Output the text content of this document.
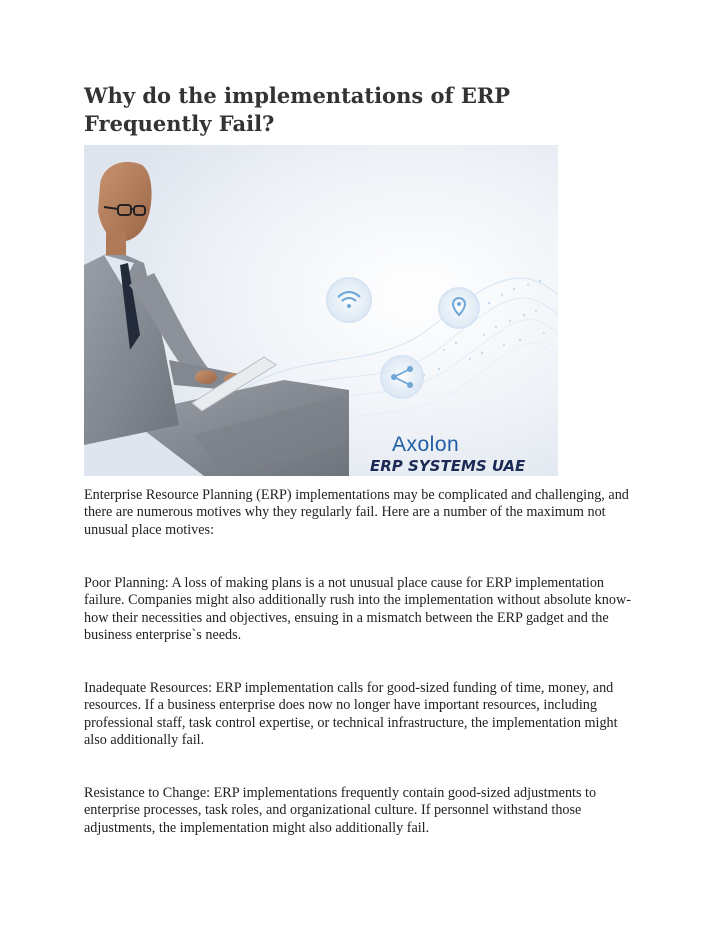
Why do the implementations of ERP Frequently Fail?
Axolon
ERP SYSTEMS UAE

Enterprise Resource Planning (ERP) implementations may be complicated and challenging, and there are numerous motives why they regularly fail. Here are a number of the maximum not unusual place motives:

Poor Planning: A loss of making plans is a not unusual place cause for ERP implementation failure. Companies might also additionally rush into the implementation without absolute know-how their necessities and objectives, ensuing in a mismatch between the ERP gadget and the business enterprise`s needs.

Inadequate Resources: ERP implementation calls for good-sized funding of time, money, and resources. If a business enterprise does now no longer have important resources, including professional staff, task control expertise, or technical infrastructure, the implementation might also additionally fail.

Resistance to Change: ERP implementations frequently contain good-sized adjustments to enterprise processes, task roles, and organizational culture. If personnel withstand those adjustments, the implementation might also additionally fail.
